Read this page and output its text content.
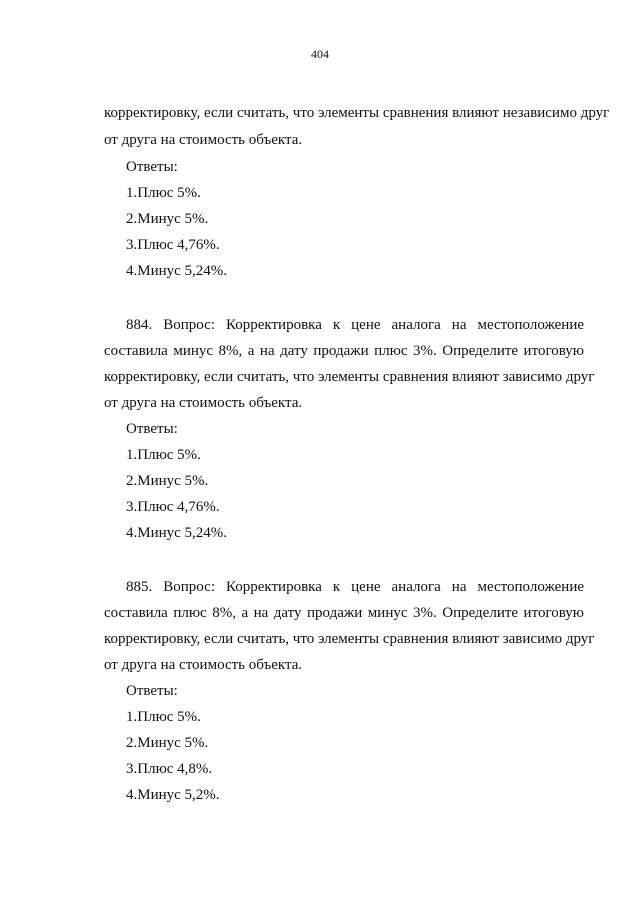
404
корректировку, если считать, что элементы сравнения влияют независимо друг
от друга на стоимость объекта.
Ответы:
1.Плюс 5%.
2.Минус 5%.
3.Плюс 4,76%.
4.Минус 5,24%.
884. Вопрос: Корректировка к цене аналога на местоположение
составила минус 8%, а на дату продажи плюс 3%. Определите итоговую
корректировку, если считать, что элементы сравнения влияют зависимо друг
от друга на стоимость объекта.
Ответы:
1.Плюс 5%.
2.Минус 5%.
3.Плюс 4,76%.
4.Минус 5,24%.
885. Вопрос: Корректировка к цене аналога на местоположение
составила плюс 8%, а на дату продажи минус 3%. Определите итоговую
корректировку, если считать, что элементы сравнения влияют зависимо друг
от друга на стоимость объекта.
Ответы:
1.Плюс 5%.
2.Минус 5%.
3.Плюс 4,8%.
4.Минус 5,2%.
